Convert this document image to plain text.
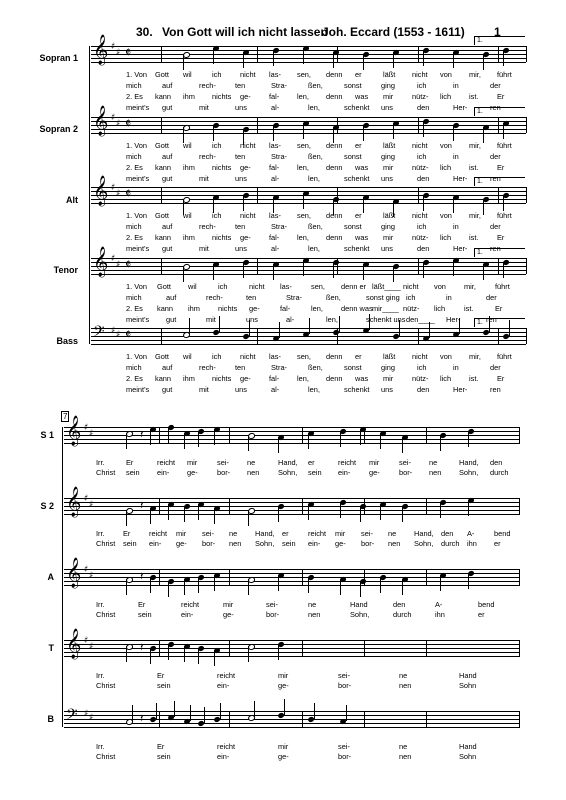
30. Von Gott will ich nicht lassen
Joh. Eccard (1553 - 1611) 1
Sopran 1 𝄞 ♯
♯ 𝄵
1.
1. Von Gott wil	ich	nicht las- sen, denn er	läßt nicht von mir, führt
mich	auf	rech-	ten	Stra-	ßen,	sonst	ging	ich	in	der
2. Es kann ihm nichts ge- fal- len, denn was mir	nütz- lich ist.	Er
meint's gut	mit	uns	al-	len,	schenkt uns	den	Her-	ren
Sopran 2 𝄞 ♯
♯ 𝄵
1.
1. Von Gott wil	ich	nicht las- sen, denn er	läßt nicht von mir, führt
mich	auf	rech-	ten	Stra-	ßen,	sonst	ging	ich	in	der
2. Es kann ihm nichts ge- fal- len, denn was mir	nütz- lich ist.	Er
meint's gut	mit	uns	al-	len,	schenkt uns	den	Her-	ren
Alt 𝄞 ♯
♯ 𝄵
1.
1. Von Gott wil	ich	nicht las- sen, denn er	läßt nicht von mir, führt
mich	auf	rech-	ten	Stra-	ßen,	sonst	ging	ich	in	der
2. Es kann ihm nichts ge- fal- len, denn was mir	nütz- lich ist.	Er
meint's gut	mit	uns	al-	len,	schenkt uns	den	Her-	ren
Tenor 𝄞 ♯
♯ 𝄵
1.
1. Von Gott wil	ich	nicht las-	sen, denn er läßt____ nicht von mir,	führt
mich	auf	rech-	ten	Stra-	ßen,	sonst ging ich	in	der
2. Es kann ihm nichts ge-	fal-	len, denn was mir____ nütz- lich	ist.	Er
meint's gut	mit	uns	al-	len,	schenkt uns den____ Her-	ren
Bass 𝄢 ♯ ♯ 𝄵
1.
1. Von Gott wil	ich	nicht las- sen, denn er	läßt nicht von mir, führt
mich	auf	rech-	ten	Stra-	ßen,	sonst	ging	ich	in	der
2. Es kann ihm nichts ge- fal- len, denn was mir	nütz- lich ist.	Er
meint's gut	mit	uns	al-	len,	schenkt uns	den	Her-	ren
7
S 1 𝄞 ♯
♯	𝄽
Irr.	Er	reicht mir	sei- ne	Hand, er	reicht mir	sei- ne	Hand, den
Christ sein ein- ge-	bor- nen	Sohn, sein ein-	ge-	bor- nen Sohn, durch
S 2 𝄞 ♯
♯	𝄽
Irr. Er	reicht mir sei- ne Hand, er	reicht mir sei- ne Hand, den A-	bend
Christ sein ein- ge- bor- nen Sohn, sein ein- ge- bor- nen Sohn, durch ihn er
A 𝄞 ♯
♯	𝄽
Irr.	Er	reicht	mir	sei-	ne	Hand	den	A-	bend
Christ	sein	ein-	ge-	bor-	nen	Sohn,	durch	ihn	er
T 𝄞 ♯
♯	𝄽
Irr.	Er	reicht	mir	sei-	ne	Hand
Christ	sein	ein-	ge-	bor-	nen	Sohn
B 𝄢 ♯ ♯	𝄽
Irr.	Er	reicht	mir	sei-	ne	Hand
Christ	sein	ein-	ge-	bor-	nen	Sohn
